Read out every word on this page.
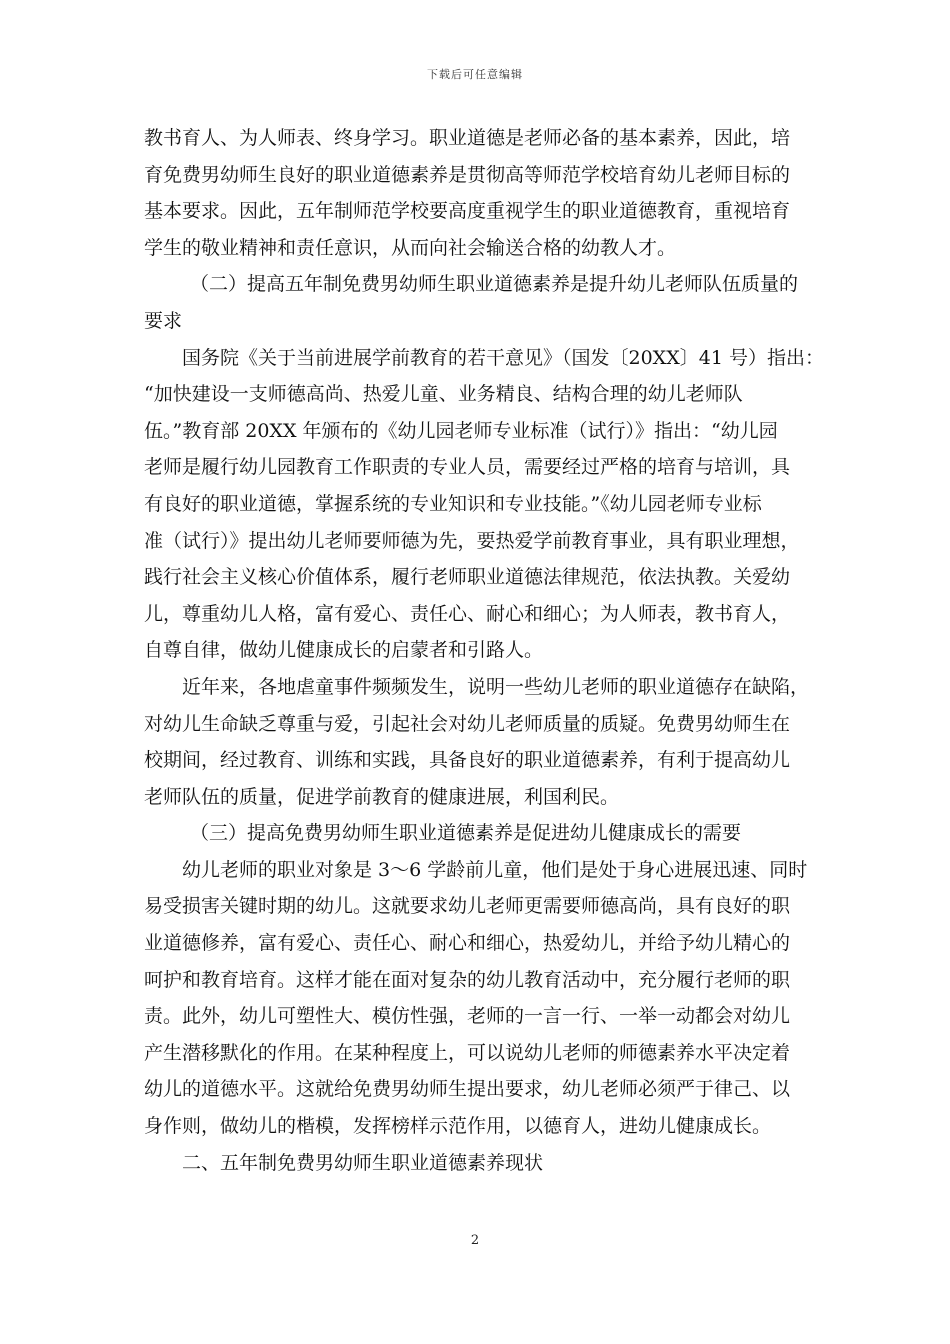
下载后可任意编辑
教书育人、为人师表、终身学习。职业道德是老师必备的基本素养，因此，培
育免费男幼师生良好的职业道德素养是贯彻高等师范学校培育幼儿老师目标的
基本要求。因此，五年制师范学校要高度重视学生的职业道德教育，重视培育
学生的敬业精神和责任意识，从而向社会输送合格的幼教人才。
（二）提高五年制免费男幼师生职业道德素养是提升幼儿老师队伍质量的
要求
国务院《关于当前进展学前教育的若干意见》（国发〔20XX〕41 号）指出：
“加快建设一支师德高尚、热爱儿童、业务精良、结构合理的幼儿老师队
伍。”教育部 20XX 年颁布的《幼儿园老师专业标准（试行）》指出：“幼儿园
老师是履行幼儿园教育工作职责的专业人员，需要经过严格的培育与培训，具
有良好的职业道德，掌握系统的专业知识和专业技能。”《幼儿园老师专业标
准（试行）》提出幼儿老师要师德为先，要热爱学前教育事业，具有职业理想，
践行社会主义核心价值体系，履行老师职业道德法律规范，依法执教。关爱幼
儿，尊重幼儿人格，富有爱心、责任心、耐心和细心；为人师表，教书育人，
自尊自律，做幼儿健康成长的启蒙者和引路人。
近年来，各地虐童事件频频发生，说明一些幼儿老师的职业道德存在缺陷，
对幼儿生命缺乏尊重与爱，引起社会对幼儿老师质量的质疑。免费男幼师生在
校期间，经过教育、训练和实践，具备良好的职业道德素养，有利于提高幼儿
老师队伍的质量，促进学前教育的健康进展，利国利民。
（三）提高免费男幼师生职业道德素养是促进幼儿健康成长的需要
幼儿老师的职业对象是 3～6 学龄前儿童，他们是处于身心进展迅速、同时
易受损害关键时期的幼儿。这就要求幼儿老师更需要师德高尚，具有良好的职
业道德修养，富有爱心、责任心、耐心和细心，热爱幼儿，并给予幼儿精心的
呵护和教育培育。这样才能在面对复杂的幼儿教育活动中，充分履行老师的职
责。此外，幼儿可塑性大、模仿性强，老师的一言一行、一举一动都会对幼儿
产生潜移默化的作用。在某种程度上，可以说幼儿老师的师德素养水平决定着
幼儿的道德水平。这就给免费男幼师生提出要求，幼儿老师必须严于律己、以
身作则，做幼儿的楷模，发挥榜样示范作用，以德育人，进幼儿健康成长。
二、五年制免费男幼师生职业道德素养现状
2
